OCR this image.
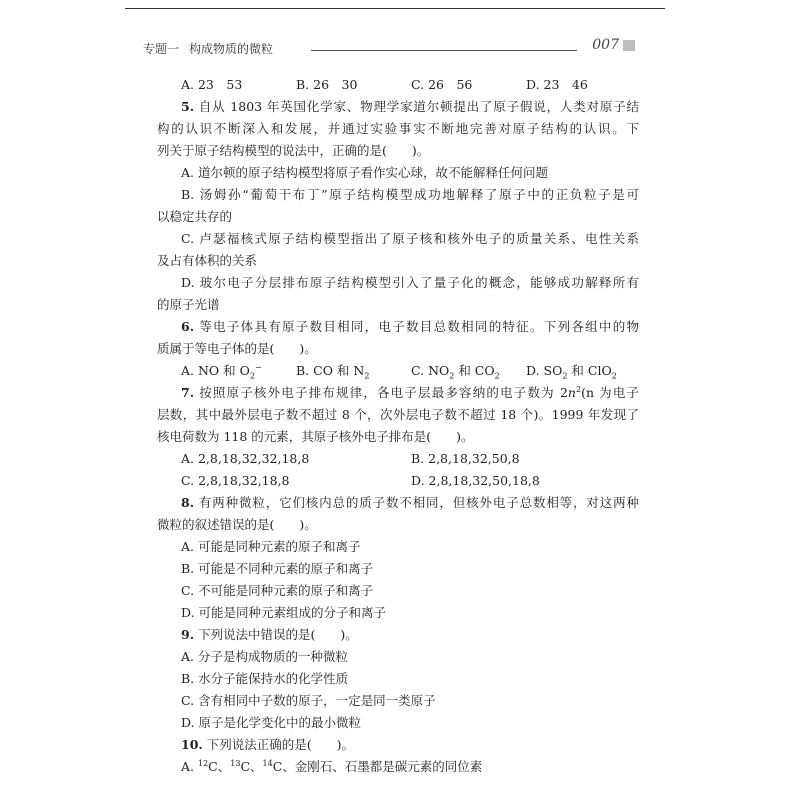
专题一 构成物质的微粒	007
A. 23　53	B. 26　30	C. 26　56	D. 23　46
5. 自从 1803 年英国化学家、物理学家道尔顿提出了原子假说，人类对原子结
构的认识不断深入和发展，并通过实验事实不断地完善对原子结构的认识。下
列关于原子结构模型的说法中，正确的是(　　)。
A. 道尔顿的原子结构模型将原子看作实心球，故不能解释任何问题
B. 汤姆孙“葡萄干布丁”原子结构模型成功地解释了原子中的正负粒子是可
以稳定共存的
C. 卢瑟福核式原子结构模型指出了原子核和核外电子的质量关系、电性关系
及占有体积的关系
D. 玻尔电子分层排布原子结构模型引入了量子化的概念，能够成功解释所有
的原子光谱
6. 等电子体具有原子数目相同，电子数目总数相同的特征。下列各组中的物
质属于等电子体的是(　　)。
A. NO 和 $O_2^-$	B. CO 和 $N_2$	C. $NO_2$ 和 $CO_2$	D. $SO_2$ 和 ClO$_2$
7. 按照原子核外电子排布规律，各电子层最多容纳的电子数为 $2n^2(n$ 为电子
层数，其中最外层电子数不超过 8 个，次外层电子数不超过 18 个)。1999 年发现了
核电荷数为 118 的元素，其原子核外电子排布是(　　)。
A. 2,8,18,32,32,18,8	B. 2,8,18,32,50,8
C. 2,8,18,32,18,8	D. 2,8,18,32,50,18,8
8. 有两种微粒，它们核内总的质子数不相同，但核外电子总数相等，对这两种
微粒的叙述错误的是(　　)。
A. 可能是同种元素的原子和离子
B. 可能是不同种元素的原子和离子
C. 不可能是同种元素的原子和离子
D. 可能是同种元素组成的分子和离子
9. 下列说法中错误的是(　　)。
A. 分子是构成物质的一种微粒
B. 水分子能保持水的化学性质
C. 含有相同中子数的原子，一定是同一类原子
D. 原子是化学变化中的最小微粒
10. 下列说法正确的是(　　)。
A. $^{12}$C、$^{13}$C、$^{14}$C、金刚石、石墨都是碳元素的同位素
